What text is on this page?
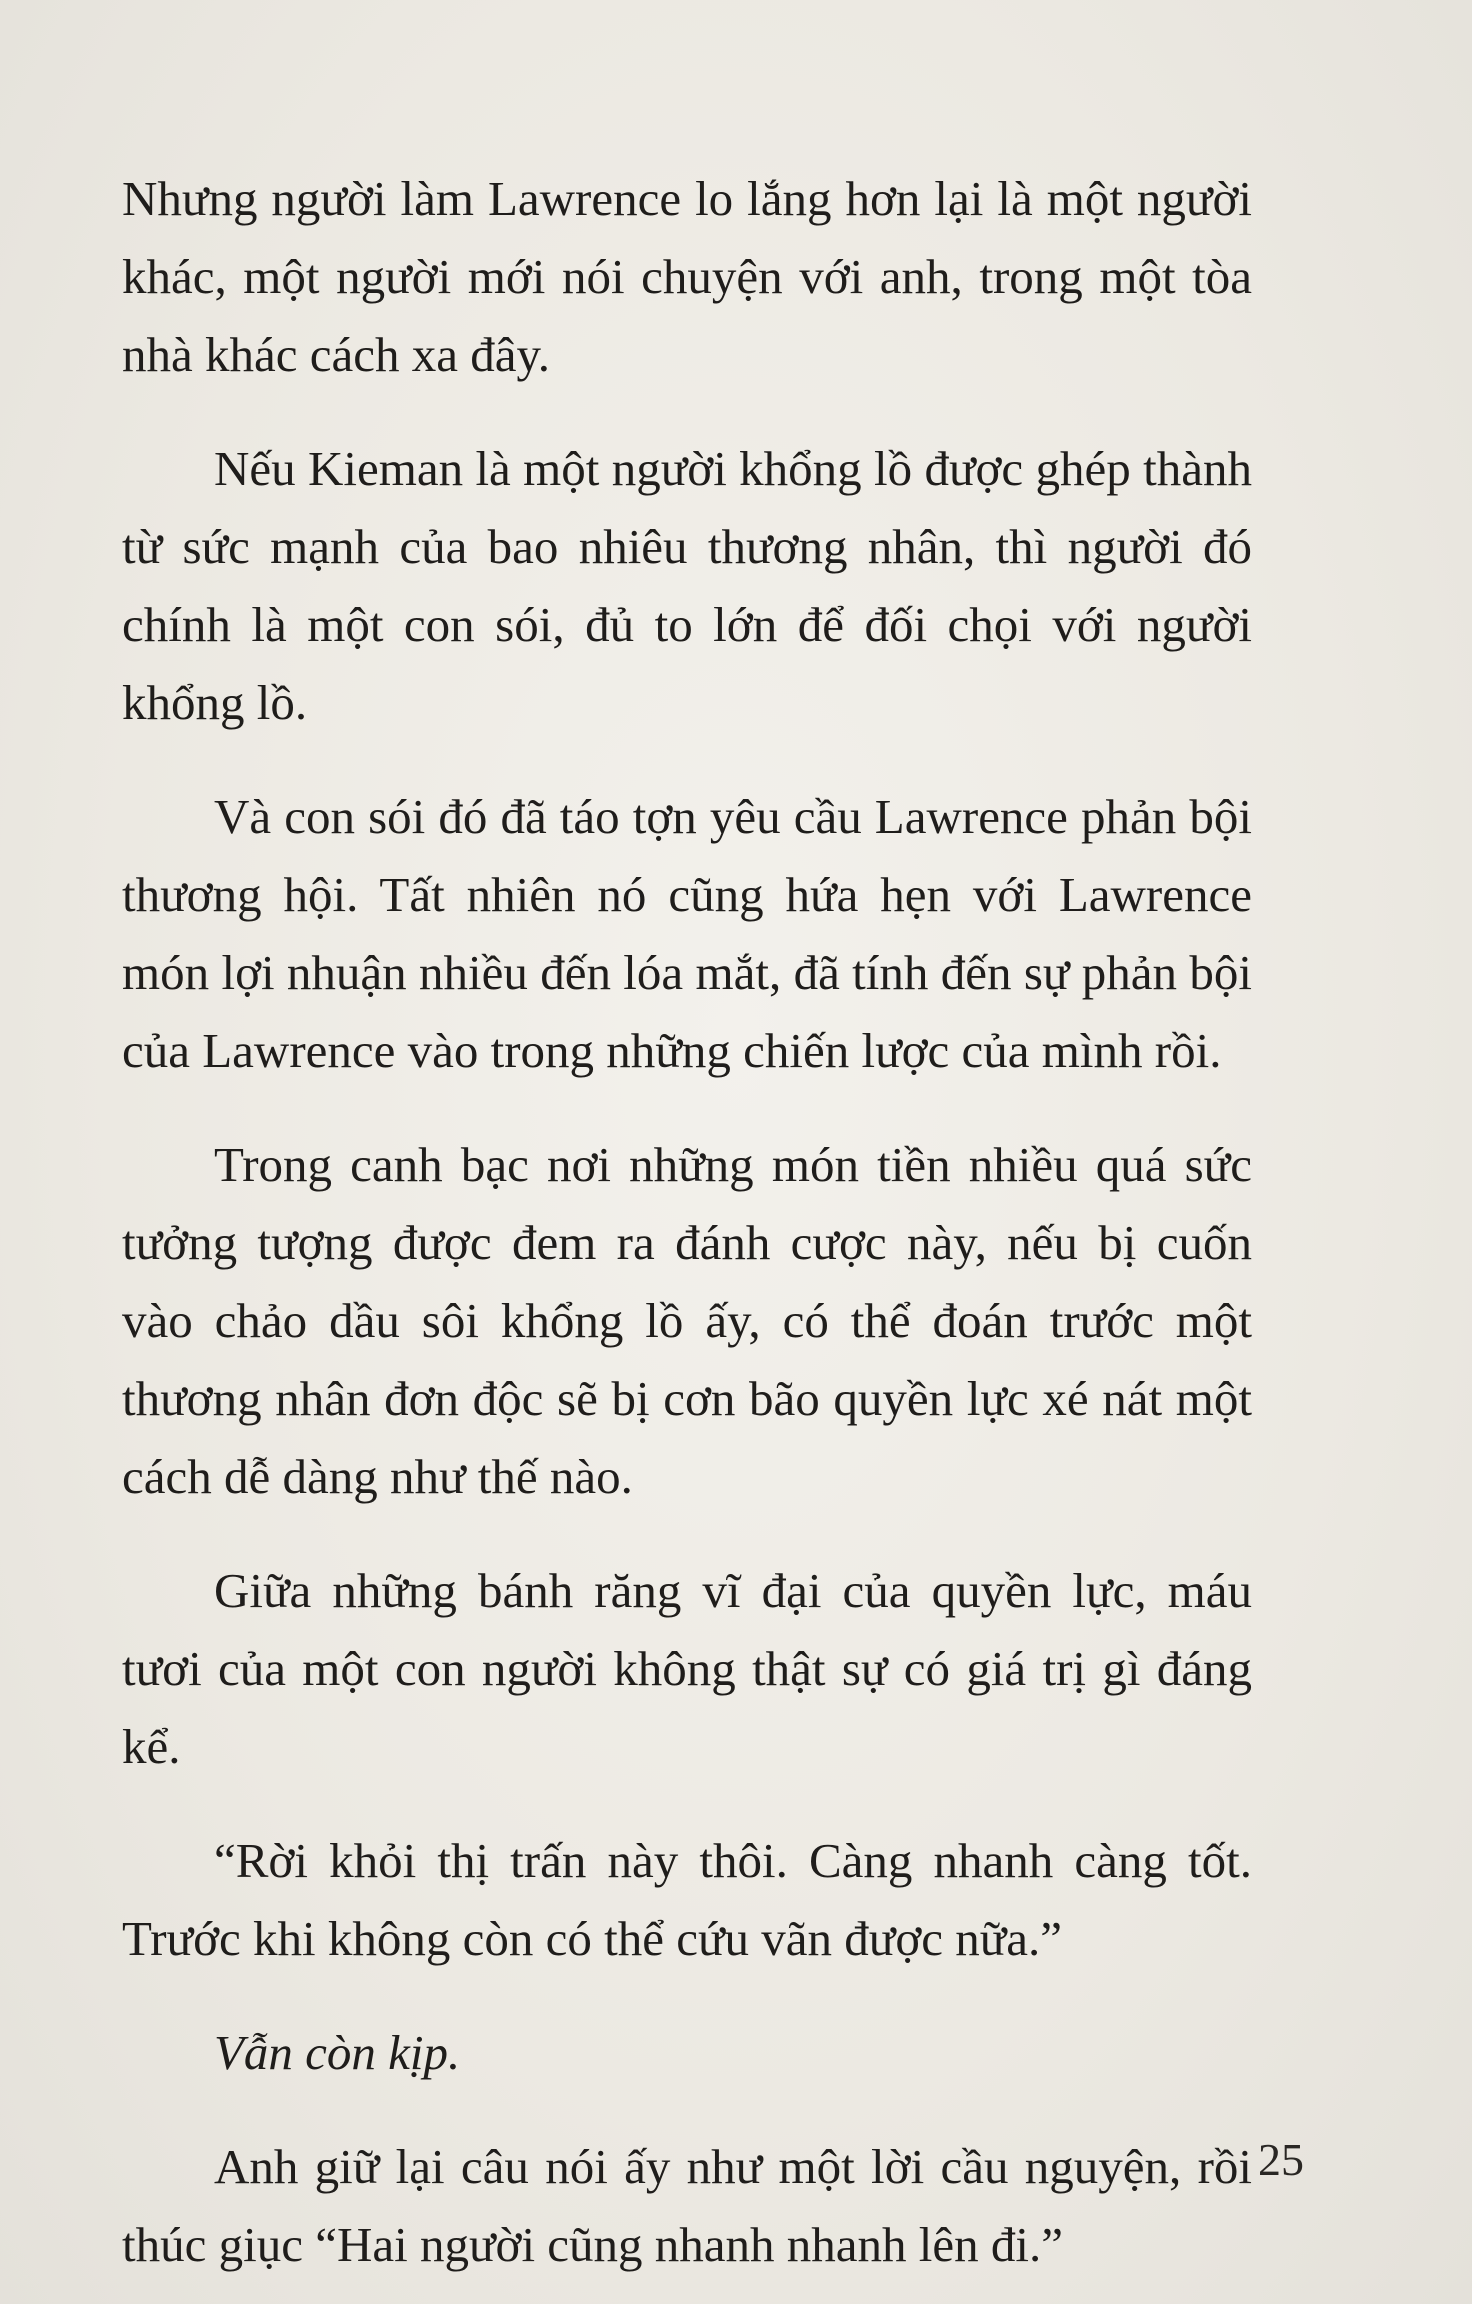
Nhưng người làm Lawrence lo lắng hơn lại là một người khác, một người mới nói chuyện với anh, trong một tòa nhà khác cách xa đây.

Nếu Kieman là một người khổng lồ được ghép thành từ sức mạnh của bao nhiêu thương nhân, thì người đó chính là một con sói, đủ to lớn để đối chọi với người khổng lồ.

Và con sói đó đã táo tợn yêu cầu Lawrence phản bội thương hội. Tất nhiên nó cũng hứa hẹn với Lawrence món lợi nhuận nhiều đến lóa mắt, đã tính đến sự phản bội của Lawrence vào trong những chiến lược của mình rồi.

Trong canh bạc nơi những món tiền nhiều quá sức tưởng tượng được đem ra đánh cược này, nếu bị cuốn vào chảo dầu sôi khổng lồ ấy, có thể đoán trước một thương nhân đơn độc sẽ bị cơn bão quyền lực xé nát một cách dễ dàng như thế nào.

Giữa những bánh răng vĩ đại của quyền lực, máu tươi của một con người không thật sự có giá trị gì đáng kể.

“Rời khỏi thị trấn này thôi. Càng nhanh càng tốt. Trước khi không còn có thể cứu vãn được nữa.”

Vẫn còn kịp.

Anh giữ lại câu nói ấy như một lời cầu nguyện, rồi thúc giục “Hai người cũng nhanh nhanh lên đi.”

25
